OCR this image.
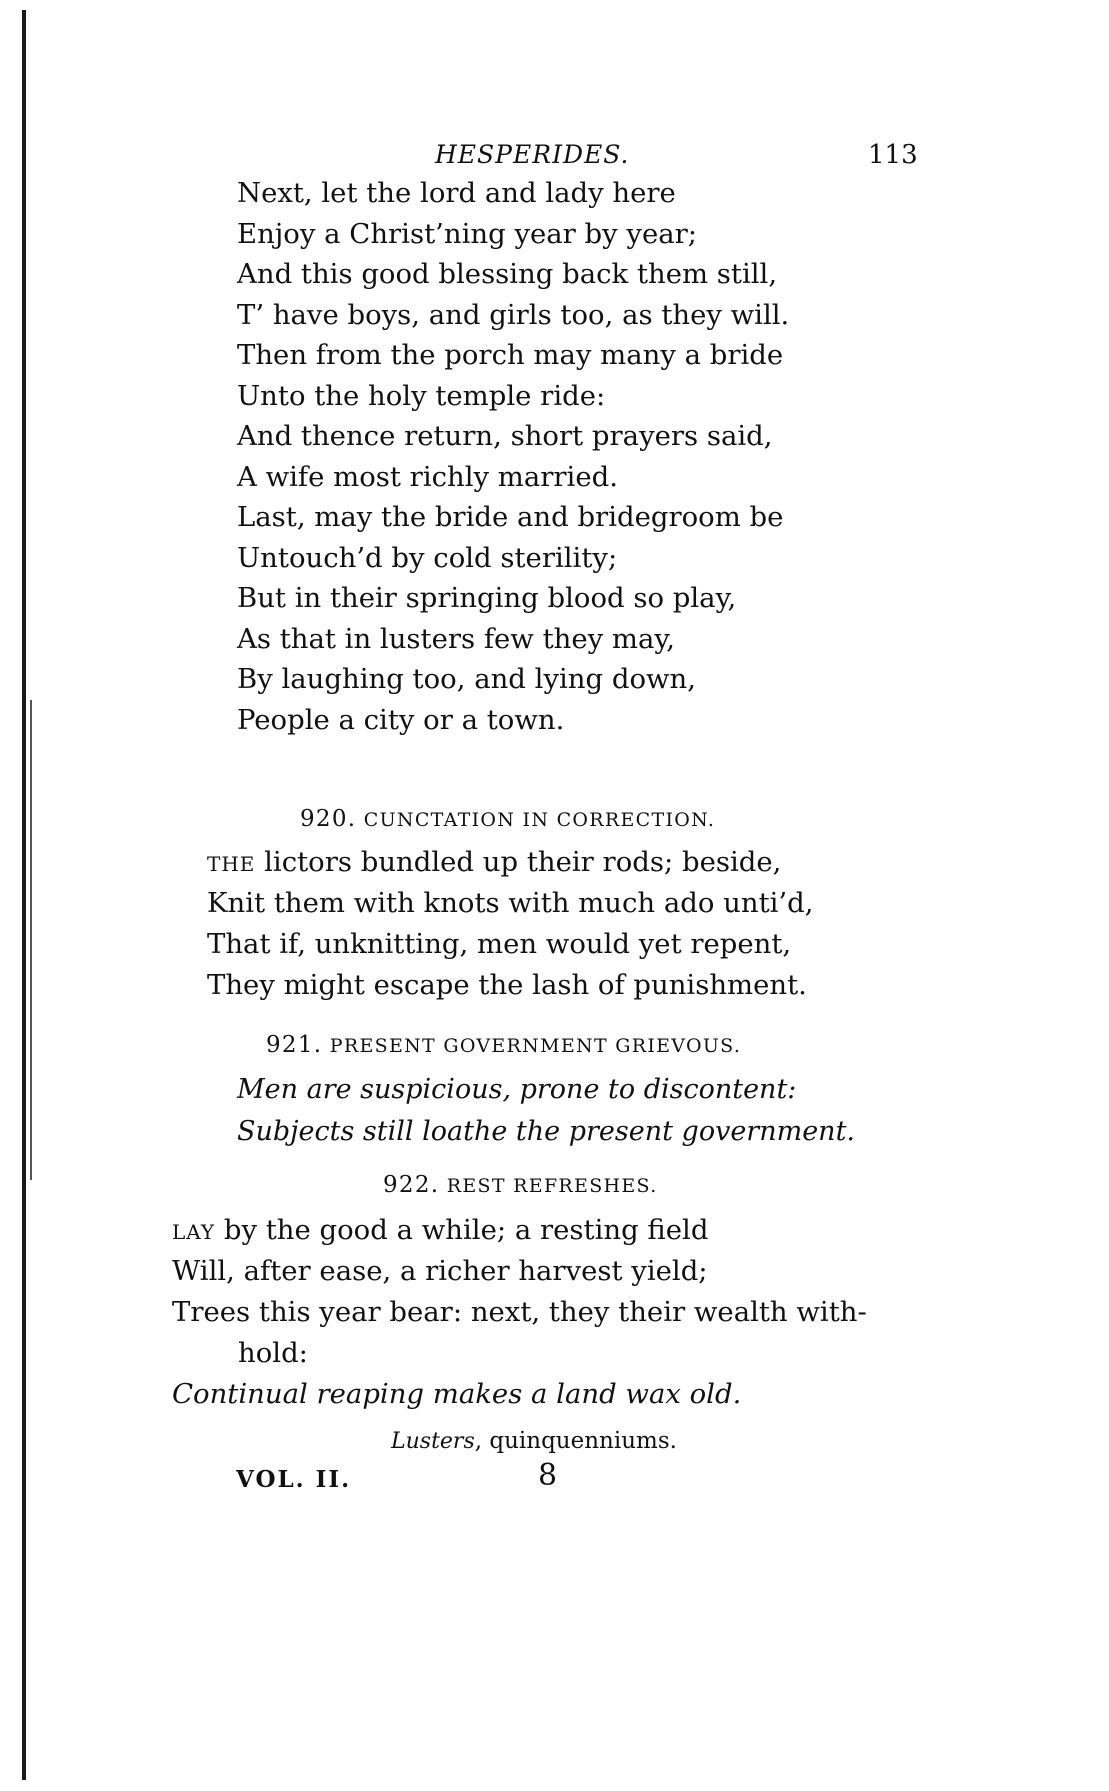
HESPERIDES.	113
Next, let the lord and lady here
Enjoy a Christ’ning year by year;
And this good blessing back them still,
T’ have boys, and girls too, as they will.
Then from the porch may many a bride
Unto the holy temple ride:
And thence return, short prayers said,
A wife most richly married.
Last, may the bride and bridegroom be
Untouch’d by cold sterility;
But in their springing blood so play,
As that in lusters few they may,
By laughing too, and lying down,
People a city or a town.
920. CUNCTATION IN CORRECTION.
THE lictors bundled up their rods; beside,
Knit them with knots with much ado unti’d,
That if, unknitting, men would yet repent,
They might escape the lash of punishment.
921. PRESENT GOVERNMENT GRIEVOUS.
Men are suspicious, prone to discontent:
Subjects still loathe the present government.
922. REST REFRESHES.
LAY by the good a while; a resting field
Will, after ease, a richer harvest yield;
Trees this year bear: next, they their wealth with-
hold:
Continual reaping makes a land wax old.
Lusters, quinquenniums.
VOL. II.	8
